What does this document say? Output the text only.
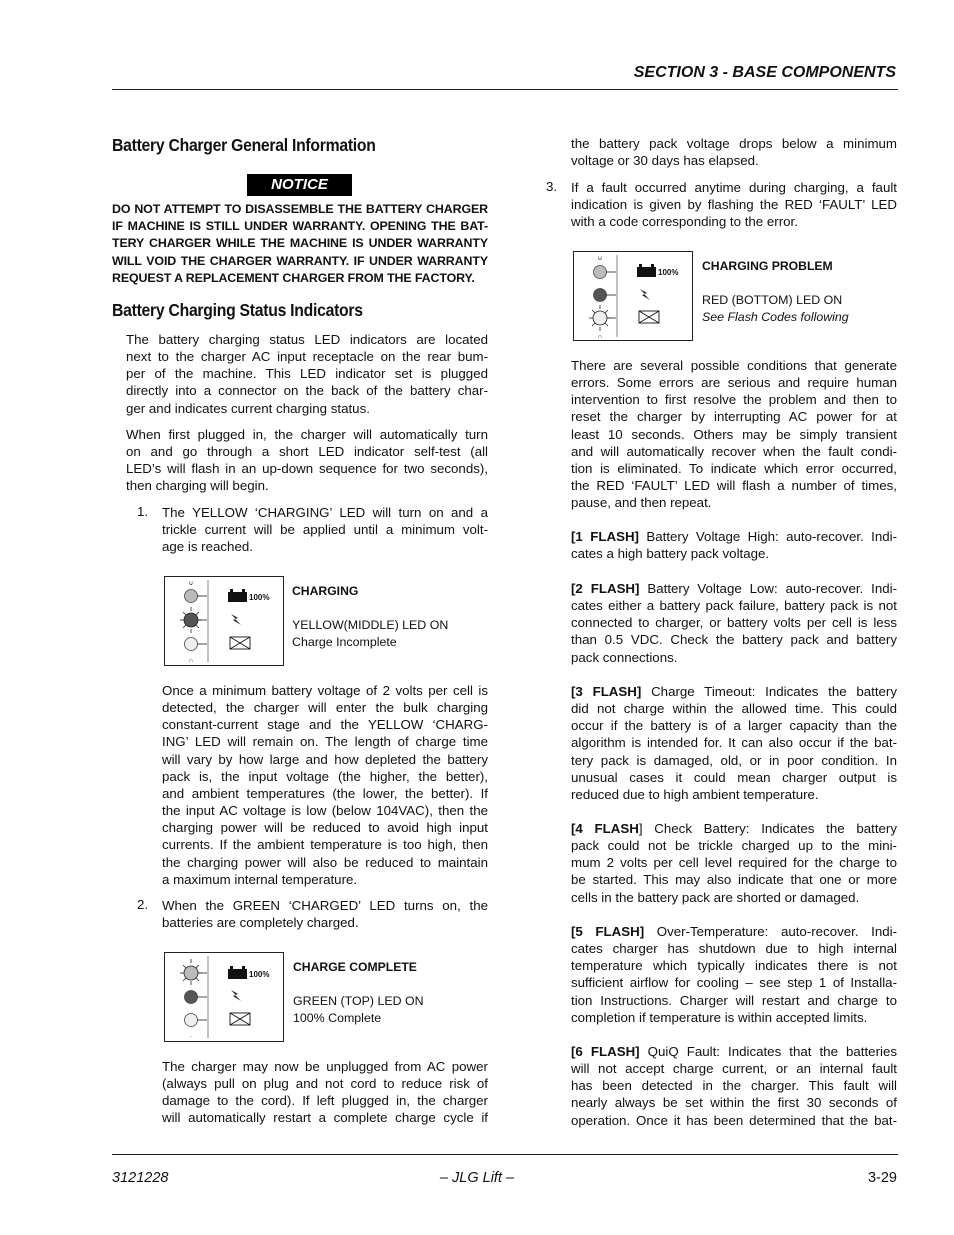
SECTION 3 - BASE COMPONENTS
Battery Charger General Information
NOTICE
DO NOT ATTEMPT TO DISASSEMBLE THE BATTERY CHARGER
IF MACHINE IS STILL UNDER WARRANTY. OPENING THE BAT-
TERY CHARGER WHILE THE MACHINE IS UNDER WARRANTY
WILL VOID THE CHARGER WARRANTY. IF UNDER WARRANTY
REQUEST A REPLACEMENT CHARGER FROM THE FACTORY.
Battery Charging Status Indicators
The battery charging status LED indicators are located
next to the charger AC input receptacle on the rear bum-
per of the machine. This LED indicator set is plugged
directly into a connector on the back of the battery char-
ger and indicates current charging status.
When first plugged in, the charger will automatically turn
on and go through a short LED indicator self-test (all
LED’s will flash in an up-down sequence for two seconds),
then charging will begin.
1. The YELLOW ‘CHARGING’ LED will turn on and a
trickle current will be applied until a minimum volt-
age is reached.
∪
∩
100% CHARGING
YELLOW(MIDDLE) LED ON
Charge Incomplete
Once a minimum battery voltage of 2 volts per cell is
detected, the charger will enter the bulk charging
constant-current stage and the YELLOW ‘CHARG-
ING’ LED will remain on. The length of charge time
will vary by how large and how depleted the battery
pack is, the input voltage (the higher, the better),
and ambient temperatures (the lower, the better). If
the input AC voltage is low (below 104VAC), then the
charging power will be reduced to avoid high input
currents. If the ambient temperature is too high, then
the charging power will also be reduced to maintain
a maximum internal temperature.
2. When the GREEN ‘CHARGED’ LED turns on, the
batteries are completely charged.
∙
100%
CHARGE COMPLETE
GREEN (TOP) LED ON
100% Complete
The charger may now be unplugged from AC power
(always pull on plug and not cord to reduce risk of
damage to the cord). If left plugged in, the charger
will automatically restart a complete charge cycle if
the battery pack voltage drops below a minimum
voltage or 30 days has elapsed.
3. If a fault occurred anytime during charging, a fault
indication is given by flashing the RED ‘FAULT’ LED
with a code corresponding to the error.
∪
∩
100% CHARGING PROBLEM
RED (BOTTOM) LED ON
See Flash Codes following
There are several possible conditions that generate
errors. Some errors are serious and require human
intervention to first resolve the problem and then to
reset the charger by interrupting AC power for at
least 10 seconds. Others may be simply transient
and will automatically recover when the fault condi-
tion is eliminated. To indicate which error occurred,
the RED ‘FAULT’ LED will flash a number of times,
pause, and then repeat.
[1 FLASH] Battery Voltage High: auto-recover. Indi-
cates a high battery pack voltage.
[2 FLASH] Battery Voltage Low: auto-recover. Indi-
cates either a battery pack failure, battery pack is not
connected to charger, or battery volts per cell is less
than 0.5 VDC. Check the battery pack and battery
pack connections.
[3 FLASH] Charge Timeout: Indicates the battery
did not charge within the allowed time. This could
occur if the battery is of a larger capacity than the
algorithm is intended for. It can also occur if the bat-
tery pack is damaged, old, or in poor condition. In
unusual cases it could mean charger output is
reduced due to high ambient temperature.
[4 FLASH] Check Battery: Indicates the battery
pack could not be trickle charged up to the mini-
mum 2 volts per cell level required for the charge to
be started. This may also indicate that one or more
cells in the battery pack are shorted or damaged.
[5 FLASH] Over-Temperature: auto-recover. Indi-
cates charger has shutdown due to high internal
temperature which typically indicates there is not
sufficient airflow for cooling – see step 1 of Installa-
tion Instructions. Charger will restart and charge to
completion if temperature is within accepted limits.
[6 FLASH] QuiQ Fault: Indicates that the batteries
will not accept charge current, or an internal fault
has been detected in the charger. This fault will
nearly always be set within the first 30 seconds of
operation. Once it has been determined that the bat-
3121228	– JLG Lift –	3-29
